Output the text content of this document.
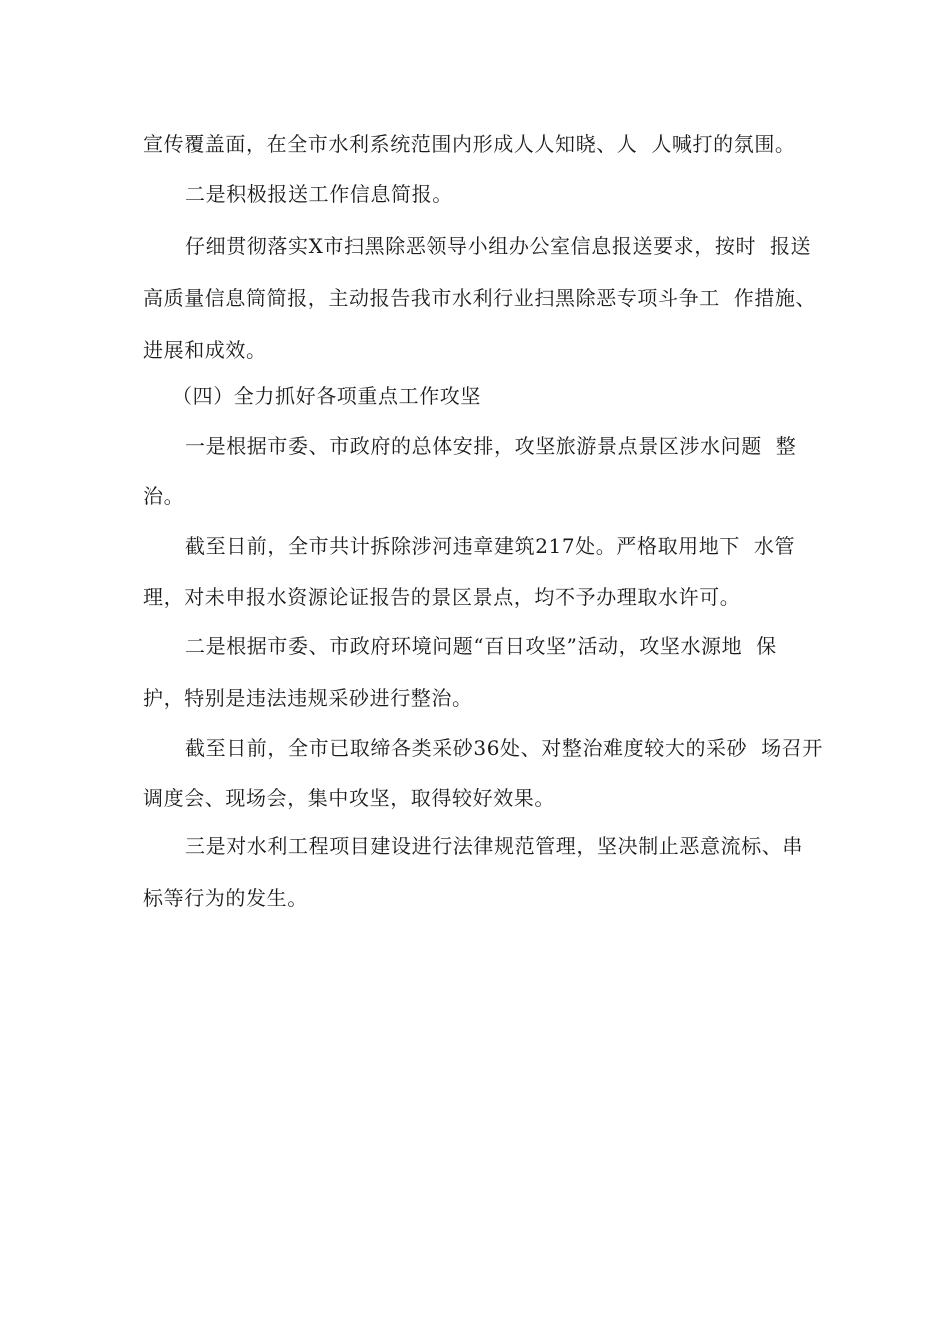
宣传覆盖面，在全市水利系统范围内形成人人知晓、人  人喊打的氛围。
二是积极报送工作信息简报。
仔细贯彻落实X市扫黑除恶领导小组办公室信息报送要求，按时  报送
高质量信息筒简报，主动报告我市水利行业扫黑除恶专项斗争工  作措施、
进展和成效。
（四）全力抓好各项重点工作攻坚
一是根据市委、市政府的总体安排，攻坚旅游景点景区涉水问题  整
治。
截至日前，全市共计拆除涉河违章建筑217处。严格取用地下  水管
理，对未申报水资源论证报告的景区景点，均不予办理取水许可。
二是根据市委、市政府环境问题“百日攻坚”活动，攻坚水源地  保
护，特别是违法违规采砂进行整治。
截至日前，全市已取缔各类采砂36处、对整治难度较大的采砂  场召开
调度会、现场会，集中攻坚，取得较好效果。
三是对水利工程项目建设进行法律规范管理，坚决制止恶意流标、串
标等行为的发生。
